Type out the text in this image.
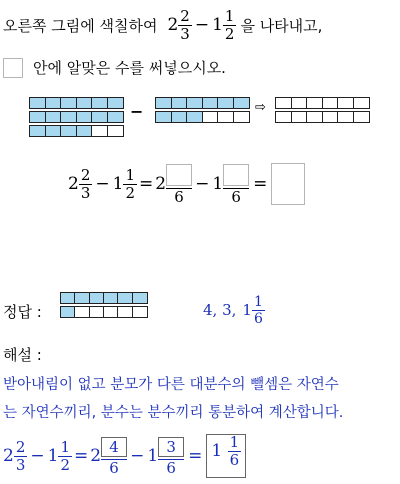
오른쪽 그림에 색칠하여 $2 \frac{2}{3} - 1 \frac{1}{2}$ 을 나타내고,
안에 알맞은 수를 써넣으시오.
−	⇨
$2 \frac{2}{3} - 1 \frac{1}{2} = 2$
6
− 1
6
=
정답 :	4, 3, $1 \frac{1}{6}$
해설 :
받아내림이 없고 분모가 다른 대분수의 뺄셈은 자연수
는 자연수끼리, 분수는 분수끼리 통분하여 계산합니다.
$2 \frac{2}{3} - 1 \frac{1}{2} = 2 \frac{4}{6} - 1 \frac{3}{6} = 1 \frac{1}{6}$
